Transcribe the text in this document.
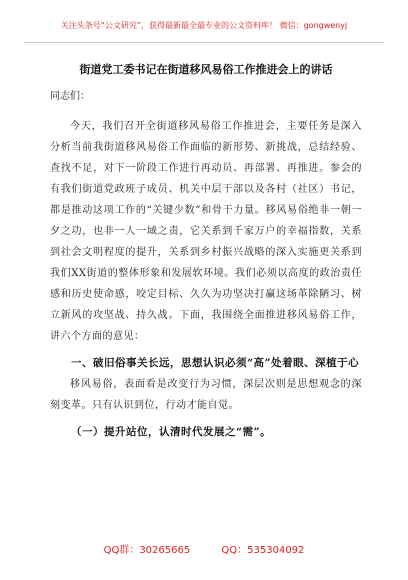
关注头条号“公文研究”，获得最新最全最专业的公文资料库！ 微信：gongwenyj
街道党工委书记在街道移风易俗工作推进会上的讲话
同志们：

今天，我们召开全街道移风易俗工作推进会，主要任务是深入分析当前我街道移风易俗工作面临的新形势、新挑战，总结经验、查找不足，对下一阶段工作进行再动员、再部署、再推进。参会的有我们街道党政班子成员、机关中层干部以及各村（社区）书记，都是推动这项工作的“关键少数”和骨干力量。移风易俗绝非一朝一夕之功，也非一人一域之责，它关系到千家万户的幸福指数，关系到社会文明程度的提升，关系到乡村振兴战略的深入实施更关系到我们XX街道的整体形象和发展软环境。我们必须以高度的政治责任感和历史使命感，咬定目标、久久为功坚决打赢这场革除陋习、树立新风的攻坚战、持久战。下面，我围绕全面推进移风易俗工作，讲六个方面的意见：

一、破旧俗事关长远，思想认识必须“高”处着眼、深植于心

移风易俗，表面看是改变行为习惯，深层次则是思想观念的深刻变革。只有认识到位，行动才能自觉。

（一）提升站位，认清时代发展之“需”。
QQ群：30265665	QQ：535304092
